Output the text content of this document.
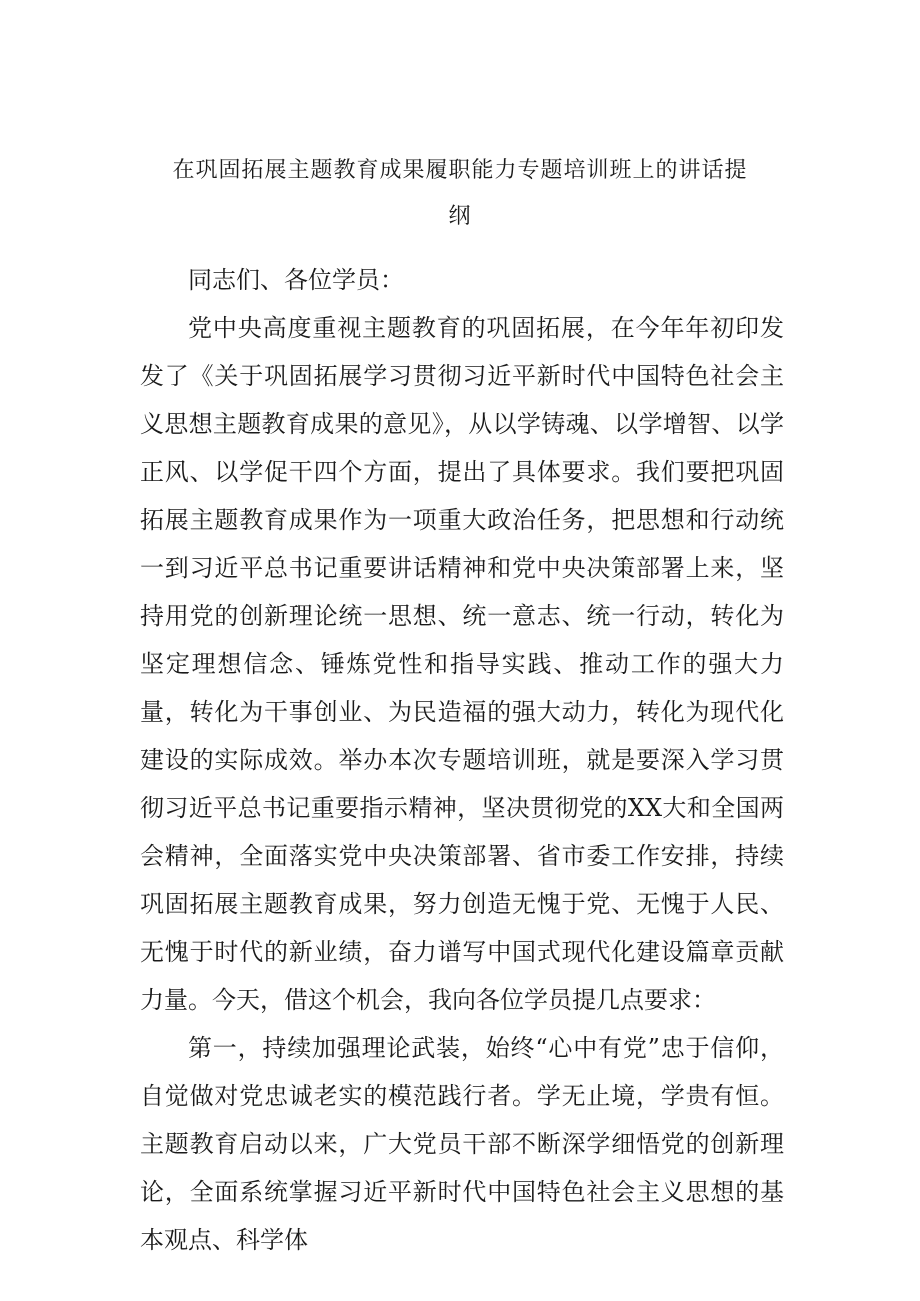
在巩固拓展主题教育成果履职能力专题培训班上的讲话提
纲

同志们、各位学员：

党中央高度重视主题教育的巩固拓展，在今年年初印发发了《关于巩固拓展学习贯彻习近平新时代中国特色社会主义思想主题教育成果的意见》，从以学铸魂、以学增智、以学正风、以学促干四个方面，提出了具体要求。我们要把巩固拓展主题教育成果作为一项重大政治任务，把思想和行动统一到习近平总书记重要讲话精神和党中央决策部署上来，坚持用党的创新理论统一思想、统一意志、统一行动，转化为坚定理想信念、锤炼党性和指导实践、推动工作的强大力量，转化为干事创业、为民造福的强大动力，转化为现代化建设的实际成效。举办本次专题培训班，就是要深入学习贯彻习近平总书记重要指示精神，坚决贯彻党的XX大和全国两会精神，全面落实党中央决策部署、省市委工作安排，持续巩固拓展主题教育成果，努力创造无愧于党、无愧于人民、无愧于时代的新业绩，奋力谱写中国式现代化建设篇章贡献力量。今天，借这个机会，我向各位学员提几点要求：

第一，持续加强理论武装，始终“心中有党”忠于信仰，自觉做对党忠诚老实的模范践行者。学无止境，学贵有恒。主题教育启动以来，广大党员干部不断深学细悟党的创新理论，全面系统掌握习近平新时代中国特色社会主义思想的基本观点、科学体
